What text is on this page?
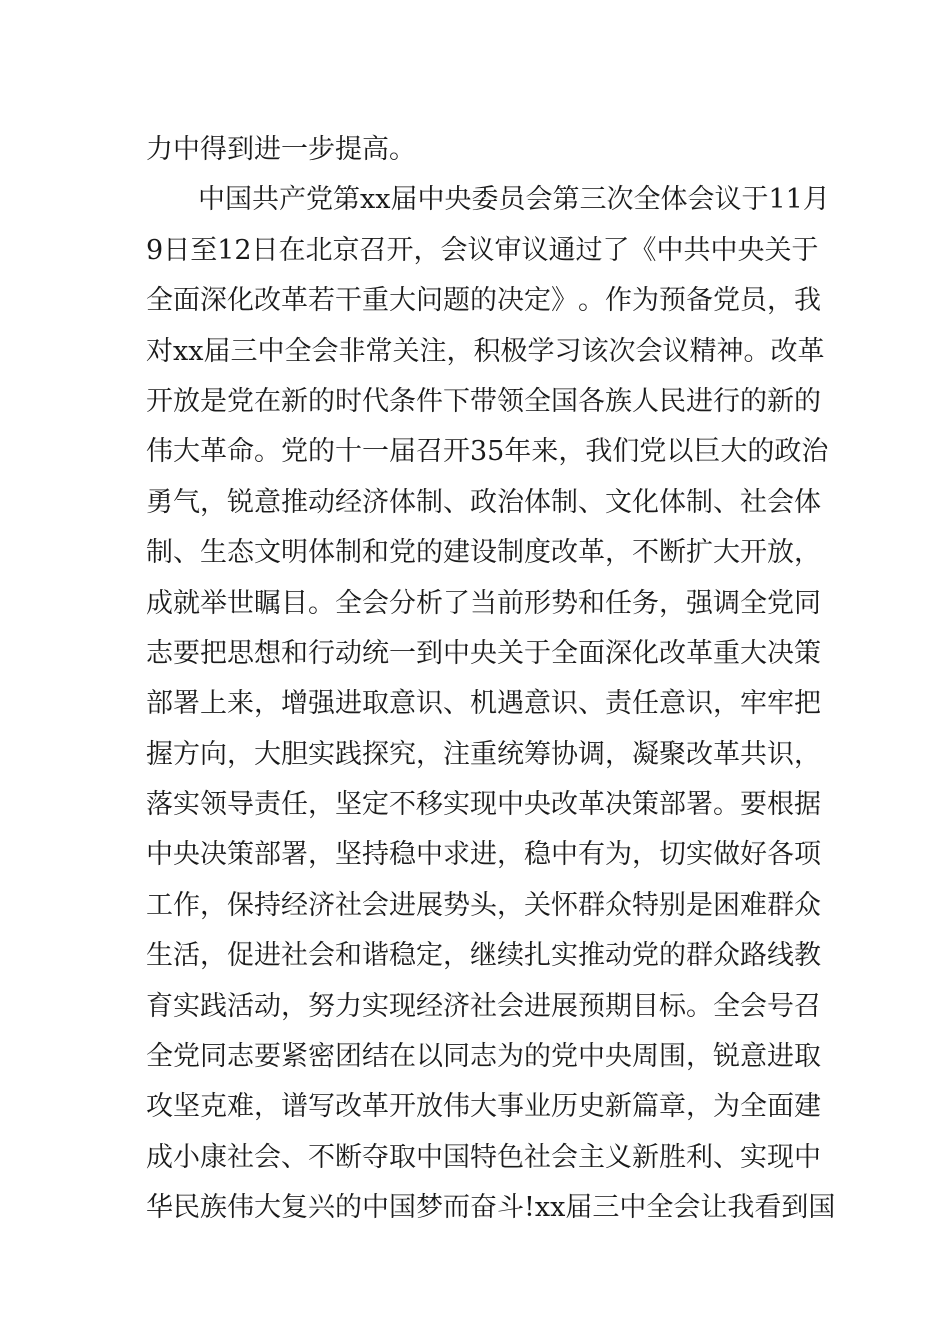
力中得到进一步提高。
中 国 共 产 党 第 xx 届 中 央 委 员 会 第 三 次 全 体 会 议 于 11 月
9 日 至 12 日 在 北 京 召 开 ， 会 议 审 议 通 过 了 《 中 共 中 央 关 于
全 面 深 化 改 革 若 干 重 大 问 题 的 决 定 》 。 作 为 预 备 党 员 ， 我
对 xx 届 三 中 全 会 非 常 关 注 ， 积 极 学 习 该 次 会 议 精 神 。 改 革
开 放 是 党 在 新 的 时 代 条 件 下 带 领 全 国 各 族 人 民 进 行 的 新 的
伟 大 革 命 。 党 的 十 一 届 召 开 35 年 来 ， 我 们 党 以 巨 大 的 政 治
勇 气 ， 锐 意 推 动 经 济 体 制 、 政 治 体 制 、 文 化 体 制 、 社 会 体
制 、 生 态 文 明 体 制 和 党 的 建 设 制 度 改 革 ， 不 断 扩 大 开 放 ，
成 就 举 世 瞩 目 。 全 会 分 析 了 当 前 形 势 和 任 务 ， 强 调 全 党 同
志 要 把 思 想 和 行 动 统 一 到 中 央 关 于 全 面 深 化 改 革 重 大 决 策
部 署 上 来 ， 增 强 进 取 意 识 、 机 遇 意 识 、 责 任 意 识 ， 牢 牢 把
握 方 向 ， 大 胆 实 践 探 究 ， 注 重 统 筹 协 调 ， 凝 聚 改 革 共 识 ，
落 实 领 导 责 任 ， 坚 定 不 移 实 现 中 央 改 革 决 策 部 署 。 要 根 据
中 央 决 策 部 署 ， 坚 持 稳 中 求 进 ， 稳 中 有 为 ， 切 实 做 好 各 项
工 作 ， 保 持 经 济 社 会 进 展 势 头 ， 关 怀 群 众 特 别 是 困 难 群 众
生 活 ， 促 进 社 会 和 谐 稳 定 ， 继 续 扎 实 推 动 党 的 群 众 路 线 教
育 实 践 活 动 ， 努 力 实 现 经 济 社 会 进 展 预 期 目 标 。 全 会 号 召
全 党 同 志 要 紧 密 团 结 在 以 同 志 为 的 党 中 央 周 围 ， 锐 意 进 取
攻 坚 克 难 ， 谱 写 改 革 开 放 伟 大 事 业 历 史 新 篇 章 ， 为 全 面 建
成 小 康 社 会 、 不 断 夺 取 中 国 特 色 社 会 主 义 新 胜 利 、 实 现 中
华 民 族 伟 大 复 兴 的 中 国 梦 而 奋 斗 !xx 届 三 中 全 会 让 我 看 到 国
